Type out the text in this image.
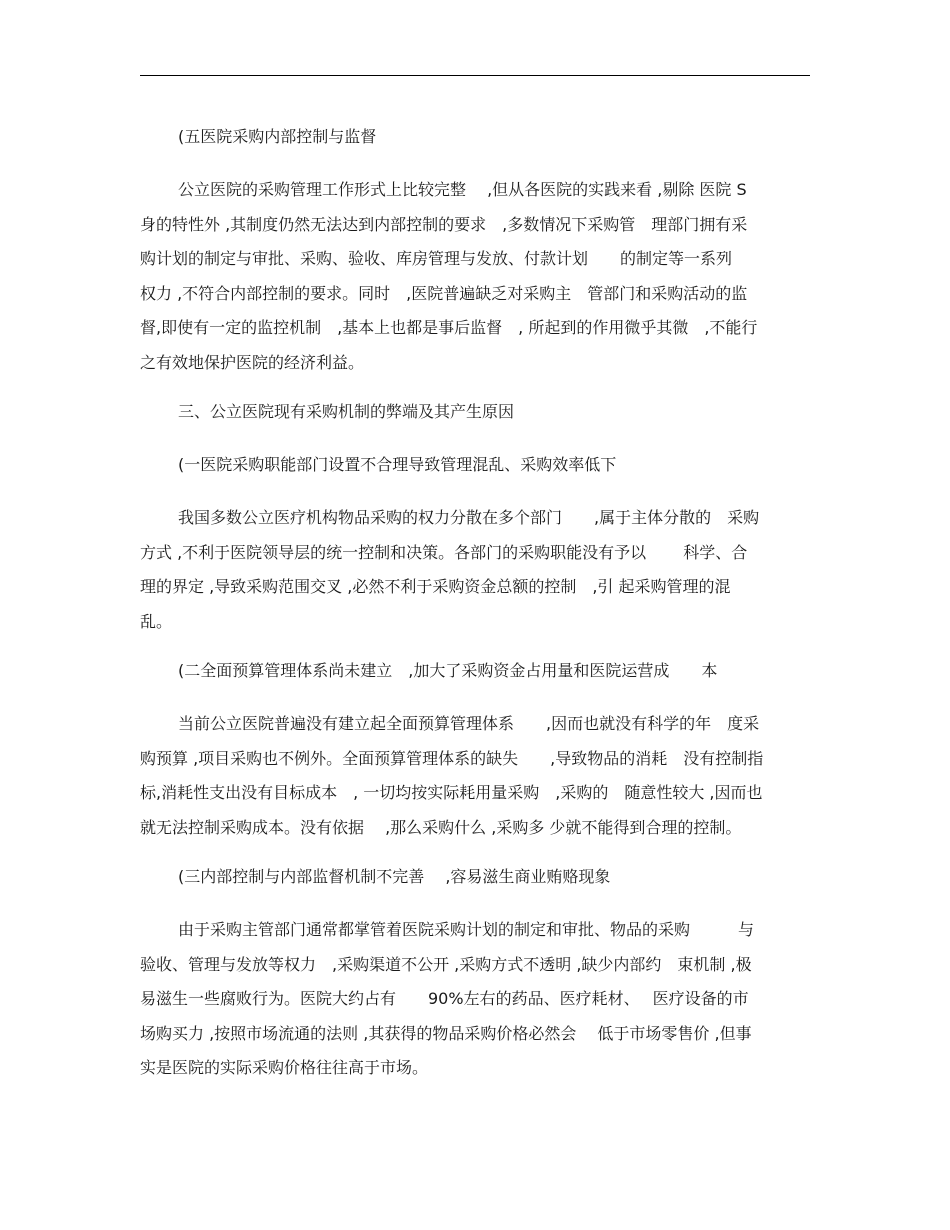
(五医院采购内部控制与监督

公立医院的采购管理工作形式上比较完整　 ,但从各医院的实践来看 ,剔除 医院 S
身的特性外 ,其制度仍然无法达到内部控制的要求　,多数情况下采购管　理部门拥有采
购计划的制定与审批、采购、验收、库房管理与发放、付款计划　　的制定等一系列
权力 ,不符合内部控制的要求。同时　,医院普遍缺乏对采购主　管部门和采购活动的监
督,即使有一定的监控机制　,基本上也都是事后监督　, 所起到的作用微乎其微　,不能行
之有效地保护医院的经济利益。

三、公立医院现有采购机制的弊端及其产生原因

(一医院采购职能部门设置不合理导致管理混乱、采购效率低下

我国多数公立医疗机构物品采购的权力分散在多个部门　　,属于主体分散的　采购
方式 ,不利于医院领导层的统一控制和决策。各部门的采购职能没有予以　　 科学、合
理的界定 ,导致采购范围交叉 ,必然不利于采购资金总额的控制　,引 起采购管理的混
乱。

(二全面预算管理体系尚未建立　,加大了采购资金占用量和医院运营成　　本

当前公立医院普遍没有建立起全面预算管理体系　　,因而也就没有科学的年　度采
购预算 ,项目采购也不例外。全面预算管理体系的缺失　　,导致物品的消耗　没有控制指
标,消耗性支出没有目标成本　, 一切均按实际耗用量采购　,采购的　随意性较大 ,因而也
就无法控制采购成本。没有依据　 ,那么采购什么 ,采购多 少就不能得到合理的控制。

(三内部控制与内部监督机制不完善　 ,容易滋生商业贿赂现象

由于采购主管部门通常都掌管着医院采购计划的制定和审批、物品的采购　　　与
验收、管理与发放等权力　,采购渠道不公开 ,采购方式不透明 ,缺少内部约　束机制 ,极
易滋生一些腐败行为。医院大约占有　　90%左右的药品、医疗耗材、　 医疗设备的市
场购买力 ,按照市场流通的法则 ,其获得的物品采购价格必然会　 低于市场零售价 ,但事
实是医院的实际采购价格往往高于市场。
